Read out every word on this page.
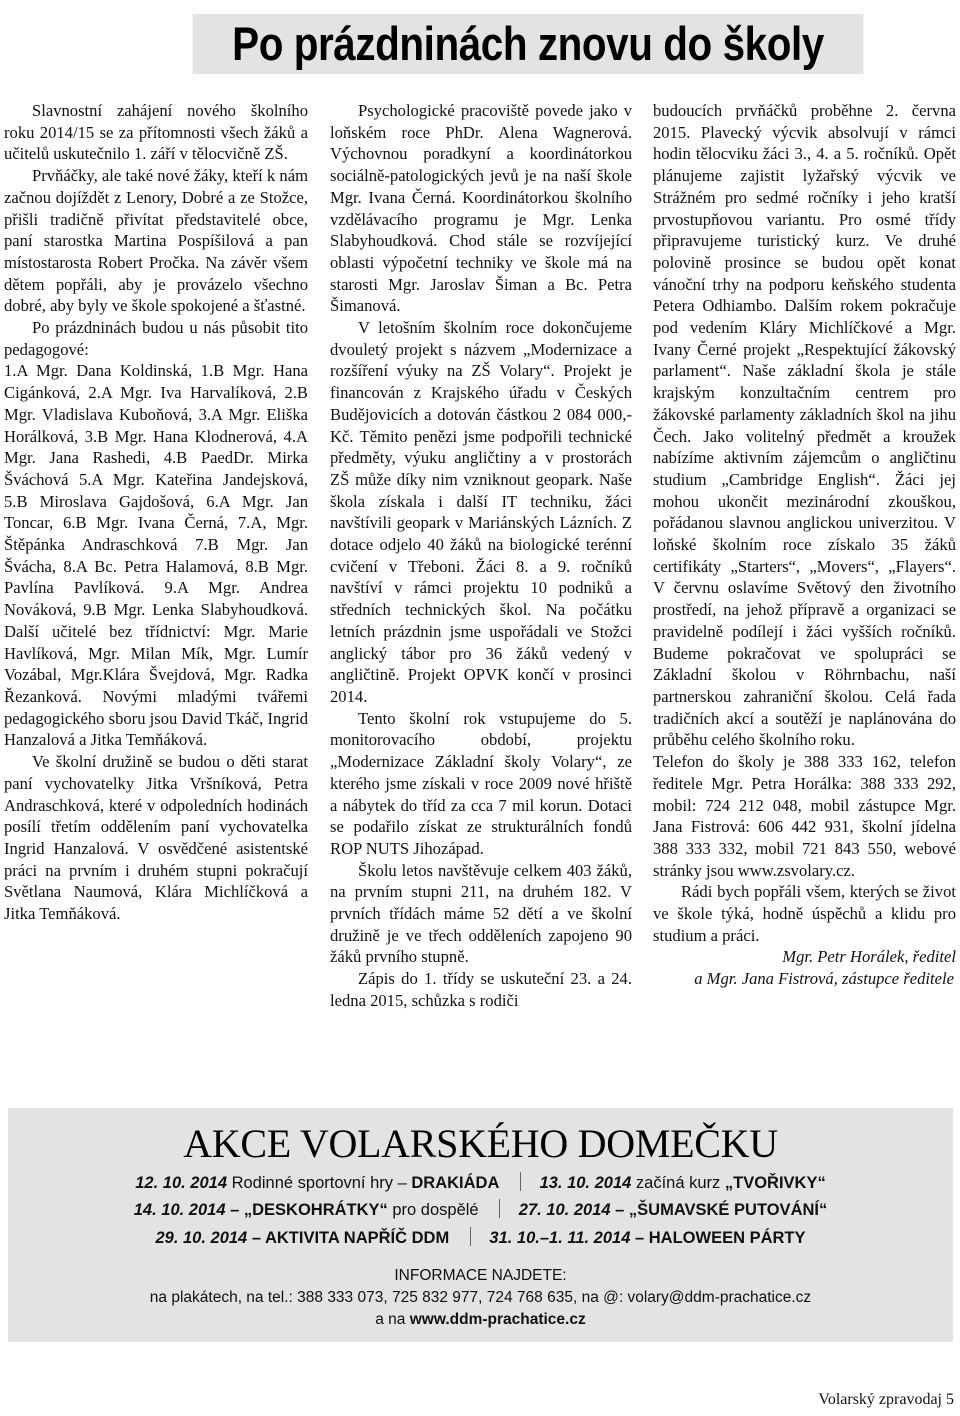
Po prázdninách znovu do školy

Slavnostní zahájení nového školního roku 2014/15 se za přítomnosti všech žáků a učitelů uskutečnilo 1. září v tělocvičně ZŠ.

Prvňáčky, ale také nové žáky, kteří k nám začnou dojíždět z Lenory, Dobré a ze Stožce, přišli tradičně přivítat představitelé obce, paní starostka Martina Pospíšilová a pan místostarosta Robert Pročka. Na závěr všem dětem popřáli, aby je provázelo všechno dobré, aby byly ve škole spokojené a šťastné.

Po prázdninách budou u nás působit tito pedagogové:

1.A Mgr. Dana Koldinská, 1.B Mgr. Hana Cigánková, 2.A Mgr. Iva Harvalíková, 2.B Mgr. Vladislava Kuboňová, 3.A Mgr. Eliška Horálková, 3.B Mgr. Hana Klodnerová, 4.A Mgr. Jana Rashedi, 4.B PaedDr. Mirka Šváchová 5.A Mgr. Kateřina Jandejsková, 5.B Miroslava Gajdošová, 6.A Mgr. Jan Toncar, 6.B Mgr. Ivana Černá, 7.A, Mgr. Štěpánka Andraschková 7.B Mgr. Jan Švácha, 8.A Bc. Petra Halamová, 8.B Mgr. Pavlína Pavlíková. 9.A Mgr. Andrea Nováková, 9.B Mgr. Lenka Slabyhoudková. Další učitelé bez třídnictví: Mgr. Marie Havlíková, Mgr. Milan Mík, Mgr. Lumír Vozábal, Mgr.Klára Švejdová, Mgr. Radka Řezanková. Novými mladými tvářemi pedagogického sboru jsou David Tkáč, Ingrid Hanzalová a Jitka Temňáková.

Ve školní družině se budou o děti starat paní vychovatelky Jitka Vršníková, Petra Andraschková, které v odpoledních hodinách posílí třetím oddělením paní vychovatelka Ingrid Hanzalová. V osvědčené asistentské práci na prvním i druhém stupni pokračují Světlana Naumová, Klára Michlíčková a Jitka Temňáková.

Psychologické pracoviště povede jako v loňském roce PhDr. Alena Wagnerová. Výchovnou poradkyní a koordinátorkou sociálně-patologických jevů je na naší škole Mgr. Ivana Černá. Koordinátorkou školního vzdělávacího programu je Mgr. Lenka Slabyhoudková. Chod stále se rozvíjející oblasti výpočetní techniky ve škole má na starosti Mgr. Jaroslav Šiman a Bc. Petra Šimanová.

V letošním školním roce dokončujeme dvouletý projekt s názvem „Modernizace a rozšíření výuky na ZŠ Volary“. Projekt je financován z Krajského úřadu v Českých Budějovicích a dotován částkou 2 084 000,-Kč. Těmito penězi jsme podpořili technické předměty, výuku angličtiny a v prostorách ZŠ může díky nim vzniknout geopark. Naše škola získala i další IT techniku, žáci navštívili geopark v Mariánských Lázních. Z dotace odjelo 40 žáků na biologické terénní cvičení v Třeboni. Žáci 8. a 9. ročníků navštíví v rámci projektu 10 podniků a středních technických škol. Na počátku letních prázdnin jsme uspořádali ve Stožci anglický tábor pro 36 žáků vedený v angličtině. Projekt OPVK končí v prosinci 2014.

Tento školní rok vstupujeme do 5. monitorovacího období, projektu „Modernizace Základní školy Volary“, ze kterého jsme získali v roce 2009 nové hřiště a nábytek do tříd za cca 7 mil korun. Dotaci se podařilo získat ze strukturálních fondů ROP NUTS Jihozápad.

Školu letos navštěvuje celkem 403 žáků, na prvním stupni 211, na druhém 182. V prvních třídách máme 52 dětí a ve školní družině je ve třech odděleních zapojeno 90 žáků prvního stupně.

Zápis do 1. třídy se uskuteční 23. a 24. ledna 2015, schůzka s rodiči

budoucích prvňáčků proběhne 2. června 2015. Plavecký výcvik absolvují v rámci hodin tělocviku žáci 3., 4. a 5. ročníků. Opět plánujeme zajistit lyžařský výcvik ve Strážném pro sedmé ročníky i jeho kratší prvostupňovou variantu. Pro osmé třídy připravujeme turistický kurz. Ve druhé polovině prosince se budou opět konat vánoční trhy na podporu keňského studenta Petera Odhiambo. Dalším rokem pokračuje pod vedením Kláry Michlíčkové a Mgr. Ivany Černé projekt „Respektující žákovský parlament“. Naše základní škola je stále krajským konzultačním centrem pro žákovské parlamenty základních škol na jihu Čech. Jako volitelný předmět a kroužek nabízíme aktivním zájemcům o angličtinu studium „Cambridge English“. Žáci jej mohou ukončit mezinárodní zkouškou, pořádanou slavnou anglickou univerzitou. V loňské školním roce získalo 35 žáků certifikáty „Starters“, „Movers“, „Flayers“. V červnu oslavíme Světový den životního prostředí, na jehož přípravě a organizaci se pravidelně podílejí i žáci vyšších ročníků. Budeme pokračovat ve spolupráci se Základní školou v Röhrnbachu, naší partnerskou zahraniční školou. Celá řada tradičních akcí a soutěží je naplánována do průběhu celého školního roku.

Telefon do školy je 388 333 162, telefon ředitele Mgr. Petra Horálka: 388 333 292, mobil: 724 212 048, mobil zástupce Mgr. Jana Fistrová: 606 442 931, školní jídelna 388 333 332, mobil 721 843 550, webové stránky jsou www.zsvolary.cz.

Rádi bych popřáli všem, kterých se život ve škole týká, hodně úspěchů a klidu pro studium a práci.

Mgr. Petr Horálek, ředitel

a Mgr. Jana Fistrová, zástupce ředitele

AKCE VOLARSKÉHO DOMEČKU
12. 10. 2014 Rodinné sportovní hry – DRAKIÁDA 13. 10. 2014 začíná kurz „TVOŘIVKY“
14. 10. 2014 – „DESKOHRÁTKY“ pro dospělé 27. 10. 2014 – „ŠUMAVSKÉ PUTOVÁNÍ“
29. 10. 2014 – AKTIVITA NAPŘÍČ DDM 31. 10.–1. 11. 2014 – HALOWEEN PÁRTY
INFORMACE NAJDETE:
na plakátech, na tel.: 388 333 073, 725 832 977, 724 768 635, na @: volary@ddm-prachatice.cz
a na www.ddm-prachatice.cz
Volarský zpravodaj 5
